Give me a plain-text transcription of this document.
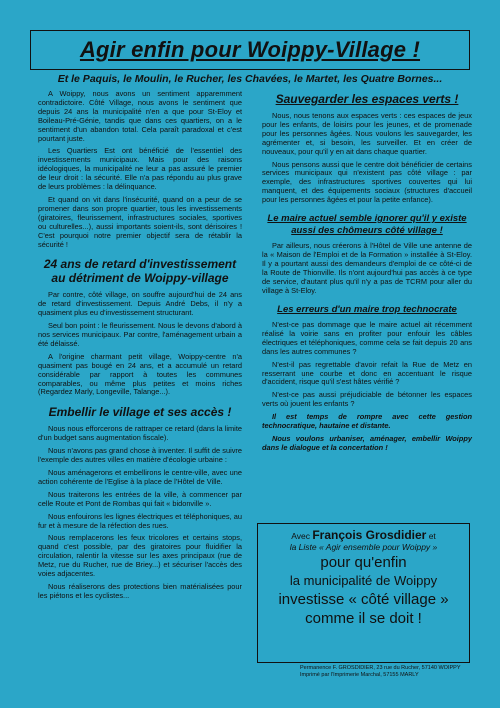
Agir enfin pour Woippy-Village !
Et le Paquis, le Moulin, le Rucher, les Chavées, le Martet, les Quatre Bornes...

A Woippy, nous avons un sentiment apparemment contradictoire. Côté Village, nous avons le sentiment que depuis 24 ans la municipalité n'en a que pour St-Eloy et Boileau-Pré-Génie, tandis que dans ces quartiers, on a le sentiment d'un abandon total. Cela paraît paradoxal et c'est pourtant juste.

Les Quartiers Est ont bénéficié de l'essentiel des investissements municipaux. Mais pour des raisons idéologiques, la municipalité ne leur a pas assuré le premier de leur droit : la sécurité. Elle n'a pas répondu au plus grave de leurs problèmes : la délinquance.

Et quand on vit dans l'insécurité, quand on a peur de se promener dans son propre quartier, tous les investissements (giratoires, fleurissement, infrastructures sociales, sportives ou culturelles...), aussi importants soient-ils, sont dérisoires ! C'est pourquoi notre premier objectif sera de rétablir la sécurité !

24 ans de retard d'investissement au détriment de Woippy-village

Par contre, côté village, on souffre aujourd'hui de 24 ans de retard d'investissement. Depuis André Debs, il n'y a quasiment plus eu d'investissement structurant.

Seul bon point : le fleurissement. Nous le devons d'abord à nos services municipaux. Par contre, l'aménagement urbain a été délaissé.

A l'origine charmant petit village, Woippy-centre n'a quasiment pas bougé en 24 ans, et a accumulé un retard considérable par rapport à toutes les communes comparables, ou même plus petites et moins riches (Regardez Marly, Longeville, Talange...).

Embellir le village et ses accès !

Nous nous efforcerons de rattraper ce retard (dans la limite d'un budget sans augmentation fiscale).

Nous n'avons pas grand chose à inventer. Il suffit de suivre l'exemple des autres villes en matière d'écologie urbaine :

Nous aménagerons et embellirons le centre-ville, avec une action cohérente de l'Eglise à la place de l'Hôtel de Ville.

Nous traiterons les entrées de la ville, à commencer par celle Route et Pont de Rombas qui fait « bidonville ».

Nous enfouirons les lignes électriques et téléphoniques, au fur et à mesure de la réfection des rues.

Nous remplacerons les feux tricolores et certains stops, quand c'est possible, par des giratoires pour fluidifier la circulation, ralentir la vitesse sur les axes principaux (rue de Metz, rue du Rucher, rue de Briey...) et sécuriser l'accès des voies adjacentes.

Nous réaliserons des protections bien matérialisées pour les piétons et les cyclistes...

Sauvegarder les espaces verts !

Nous, nous tenons aux espaces verts : ces espaces de jeux pour les enfants, de loisirs pour les jeunes, et de promenade pour les personnes âgées. Nous voulons les sauvegarder, les agrémenter et, si besoin, les surveiller. Et en créer de nouveaux, pour qu'il y en ait dans chaque quartier.

Nous pensons aussi que le centre doit bénéficier de certains services municipaux qui n'existent pas côté village : par exemple, des infrastructures sportives couvertes qui lui manquent, et des équipements sociaux (structures d'accueil pour les personnes âgées et pour la petite enfance).

Le maire actuel semble ignorer qu'il y existe aussi des chômeurs côté village !

Par ailleurs, nous créerons à l'Hôtel de Ville une antenne de la « Maison de l'Emploi et de la Formation » installée à St-Eloy. Il y a pourtant aussi des demandeurs d'emploi de ce côté-ci de la Route de Thionville. Ils n'ont aujourd'hui pas accès à ce type de service, d'autant plus qu'il n'y a pas de TCRM pour aller du village à St-Eloy.

Les erreurs d'un maire trop technocrate

N'est-ce pas dommage que le maire actuel ait récemment réalisé la voirie sans en profiter pour enfouir les câbles électriques et téléphoniques, comme cela se fait depuis 20 ans dans les autres communes ?

N'est-il pas regrettable d'avoir refait la Rue de Metz en resserrant une courbe et donc en accentuant le risque d'accident, risque qu'il s'est hâtes vérifié ?

N'est-ce pas aussi préjudiciable de bétonner les espaces verts où jouent les enfants ?

Il est temps de rompre avec cette gestion technocratique, hautaine et distante.

Nous voulons urbaniser, aménager, embellir Woippy dans le dialogue et la concertation !

Avec François Grosdidier et
la Liste « Agir ensemble pour Woippy »
pour qu'enfin
la municipalité de Woippy
investisse « côté village »
comme il se doit !
Permanence F. GROSDIDIER, 23 rue du Rucher, 57140 WOIPPY
Imprimé par l'Imprimerie Marchal, 57155 MARLY
